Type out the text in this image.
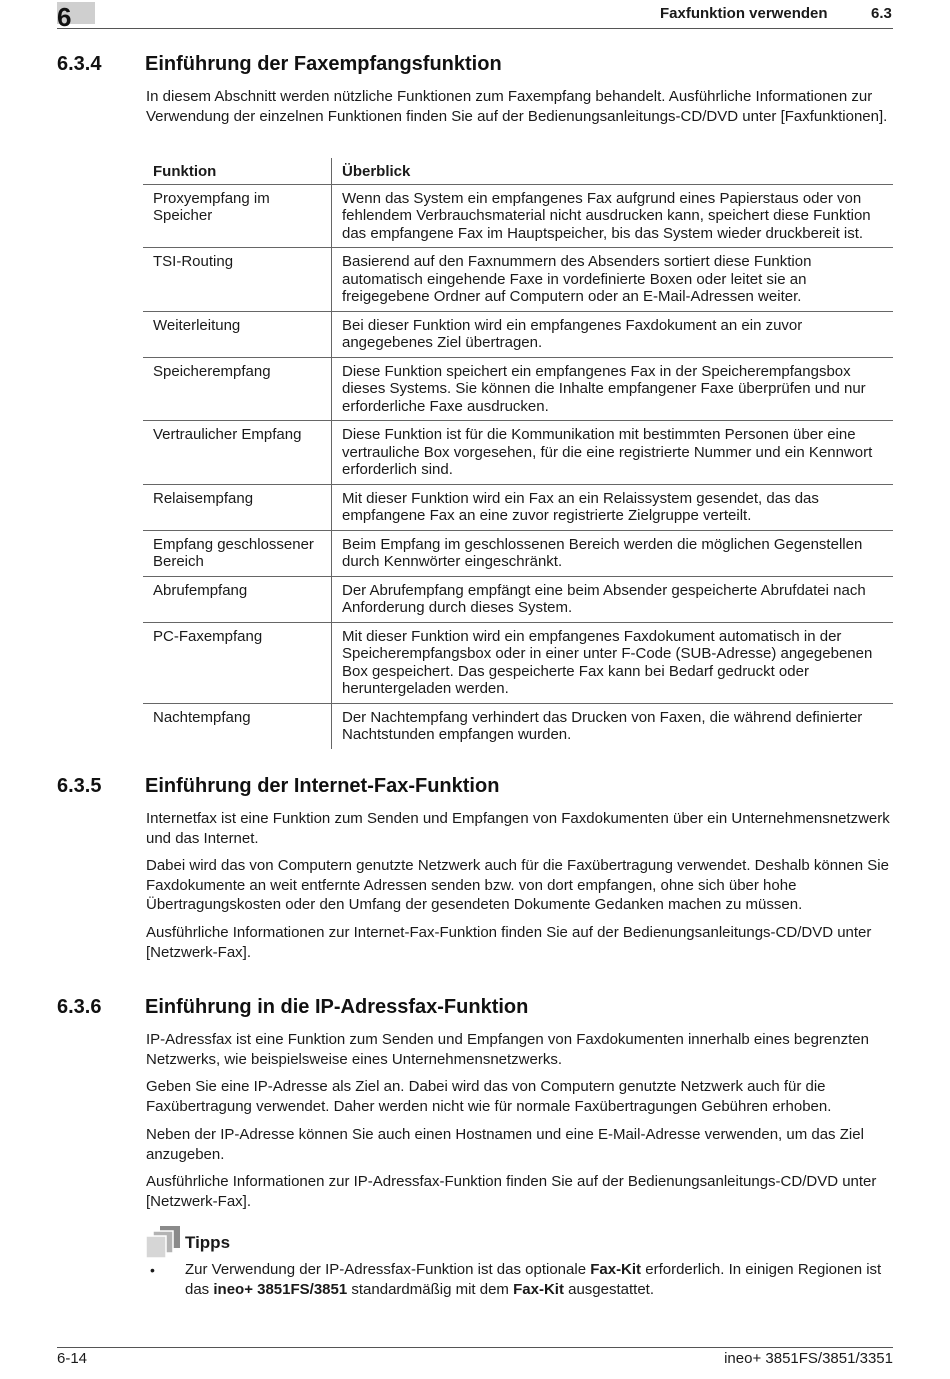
6	Faxfunktion verwenden	6.3
6.3.4 Einführung der Faxempfangsfunktion
In diesem Abschnitt werden nützliche Funktionen zum Faxempfang behandelt. Ausführliche Informationen zur Verwendung der einzelnen Funktionen finden Sie auf der Bedienungsanleitungs-CD/DVD unter [Faxfunktionen].
Funktion	Überblick
Proxyempfang im Speicher	Wenn das System ein empfangenes Fax aufgrund eines Papierstaus oder von fehlendem Verbrauchsmaterial nicht ausdrucken kann, speichert diese Funktion das empfangene Fax im Hauptspeicher, bis das System wieder druckbereit ist.
TSI-Routing	Basierend auf den Faxnummern des Absenders sortiert diese Funktion automatisch eingehende Faxe in vordefinierte Boxen oder leitet sie an freigegebene Ordner auf Computern oder an E-Mail-Adressen weiter.
Weiterleitung	Bei dieser Funktion wird ein empfangenes Faxdokument an ein zuvor angegebenes Ziel übertragen.
Speicherempfang	Diese Funktion speichert ein empfangenes Fax in der Speicherempfangsbox dieses Systems. Sie können die Inhalte empfangener Faxe überprüfen und nur erforderliche Faxe ausdrucken.
Vertraulicher Empfang	Diese Funktion ist für die Kommunikation mit bestimmten Personen über eine vertrauliche Box vorgesehen, für die eine registrierte Nummer und ein Kennwort erforderlich sind.
Relaisempfang	Mit dieser Funktion wird ein Fax an ein Relaissystem gesendet, das das empfangene Fax an eine zuvor registrierte Zielgruppe verteilt.
Empfang geschlossener Bereich	Beim Empfang im geschlossenen Bereich werden die möglichen Gegenstellen durch Kennwörter eingeschränkt.
Abrufempfang	Der Abrufempfang empfängt eine beim Absender gespeicherte Abrufdatei nach Anforderung durch dieses System.
PC-Faxempfang	Mit dieser Funktion wird ein empfangenes Faxdokument automatisch in der Speicherempfangsbox oder in einer unter F-Code (SUB-Adresse) angegebenen Box gespeichert. Das gespeicherte Fax kann bei Bedarf gedruckt oder heruntergeladen werden.
Nachtempfang	Der Nachtempfang verhindert das Drucken von Faxen, die während definierter Nachtstunden empfangen wurden.
6.3.5 Einführung der Internet-Fax-Funktion
Internetfax ist eine Funktion zum Senden und Empfangen von Faxdokumenten über ein Unternehmensnetzwerk und das Internet.
Dabei wird das von Computern genutzte Netzwerk auch für die Faxübertragung verwendet. Deshalb können Sie Faxdokumente an weit entfernte Adressen senden bzw. von dort empfangen, ohne sich über hohe Übertragungskosten oder den Umfang der gesendeten Dokumente Gedanken machen zu müssen.
Ausführliche Informationen zur Internet-Fax-Funktion finden Sie auf der Bedienungsanleitungs-CD/DVD unter [Netzwerk-Fax].
6.3.6 Einführung in die IP-Adressfax-Funktion
IP-Adressfax ist eine Funktion zum Senden und Empfangen von Faxdokumenten innerhalb eines begrenzten Netzwerks, wie beispielsweise eines Unternehmensnetzwerks.
Geben Sie eine IP-Adresse als Ziel an. Dabei wird das von Computern genutzte Netzwerk auch für die Faxübertragung verwendet. Daher werden nicht wie für normale Faxübertragungen Gebühren erhoben.
Neben der IP-Adresse können Sie auch einen Hostnamen und eine E-Mail-Adresse verwenden, um das Ziel anzugeben.
Ausführliche Informationen zur IP-Adressfax-Funktion finden Sie auf der Bedienungsanleitungs-CD/DVD unter [Netzwerk-Fax].
Tipps
• Zur Verwendung der IP-Adressfax-Funktion ist das optionale Fax-Kit erforderlich. In einigen Regionen ist das ineo+ 3851FS/3851 standardmäßig mit dem Fax-Kit ausgestattet.
6-14	ineo+ 3851FS/3851/3351
